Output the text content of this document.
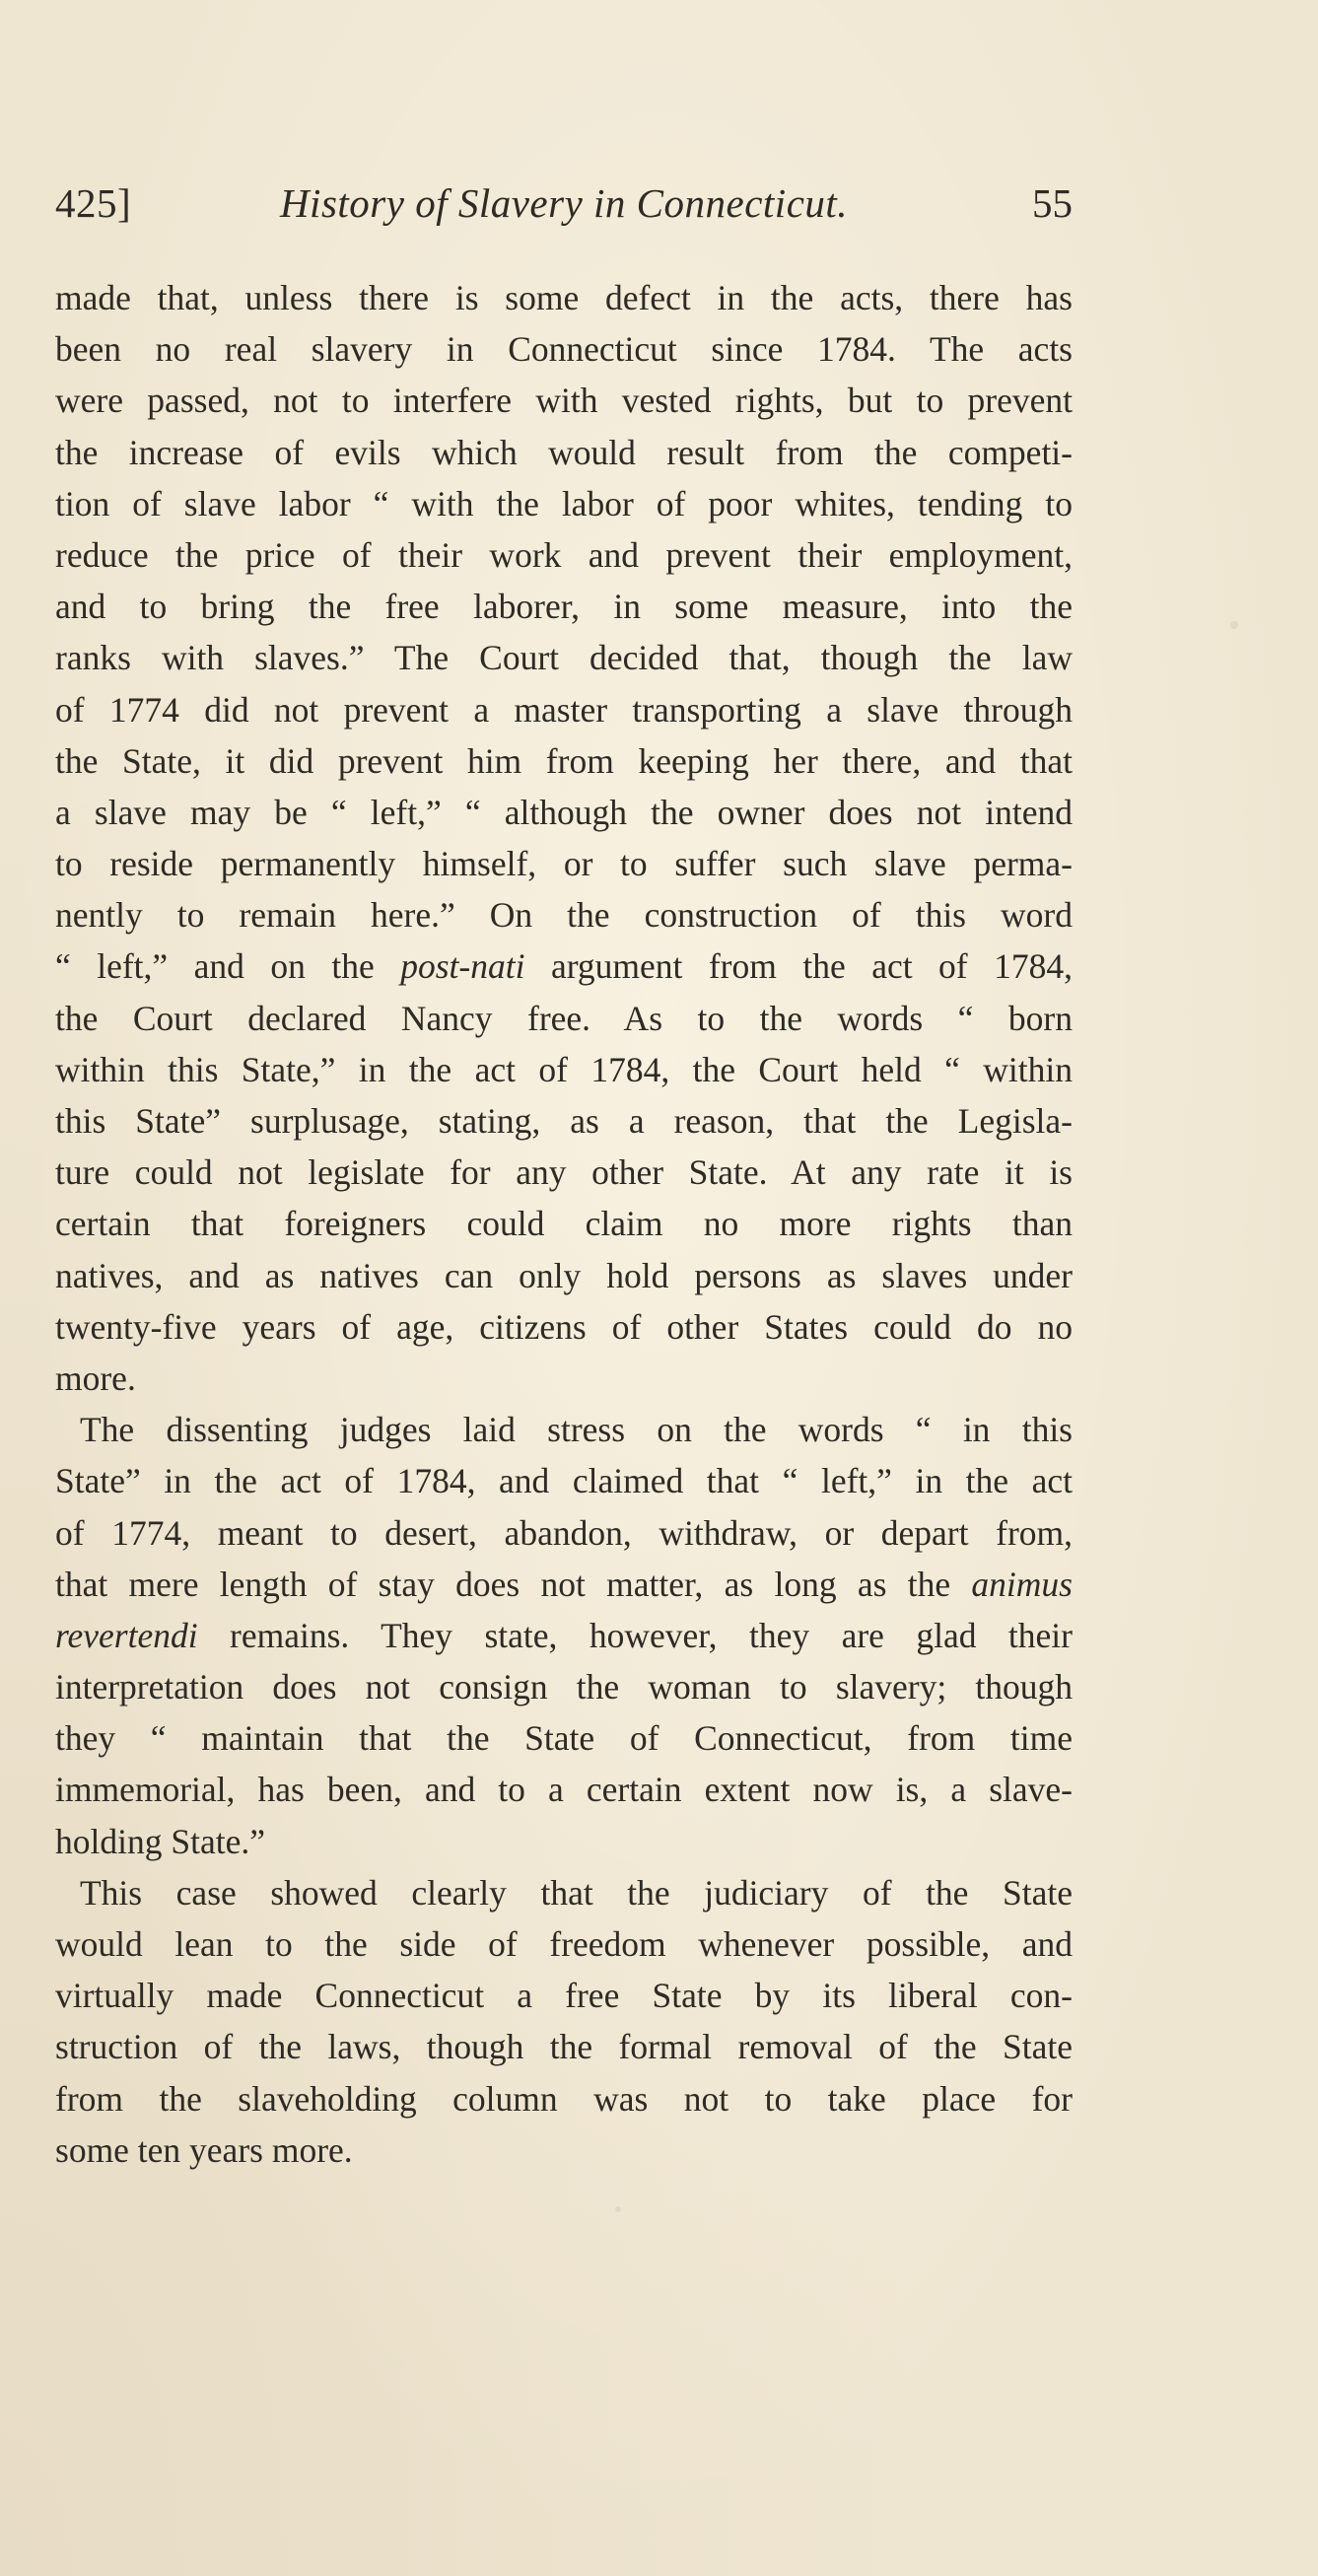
425]	History of Slavery in Connecticut.	55
made that, unless there is some defect in the acts, there has
been no real slavery in Connecticut since 1784. The acts
were passed, not to interfere with vested rights, but to prevent
the increase of evils which would result from the competi-
tion of slave labor “ with the labor of poor whites, tending to
reduce the price of their work and prevent their employment,
and to bring the free laborer, in some measure, into the
ranks with slaves.” The Court decided that, though the law
of 1774 did not prevent a master transporting a slave through
the State, it did prevent him from keeping her there, and that
a slave may be “ left,” “ although the owner does not intend
to reside permanently himself, or to suffer such slave perma-
nently to remain here.” On the construction of this word
“ left,” and on the post-nati argument from the act of 1784,
the Court declared Nancy free. As to the words “ born
within this State,” in the act of 1784, the Court held “ within
this State” surplusage, stating, as a reason, that the Legisla-
ture could not legislate for any other State. At any rate it is
certain that foreigners could claim no more rights than
natives, and as natives can only hold persons as slaves under
twenty-five years of age, citizens of other States could do no
more.
The dissenting judges laid stress on the words “ in this
State” in the act of 1784, and claimed that “ left,” in the act
of 1774, meant to desert, abandon, withdraw, or depart from,
that mere length of stay does not matter, as long as the animus
revertendi remains. They state, however, they are glad their
interpretation does not consign the woman to slavery; though
they “ maintain that the State of Connecticut, from time
immemorial, has been, and to a certain extent now is, a slave-
holding State.”
This case showed clearly that the judiciary of the State
would lean to the side of freedom whenever possible, and
virtually made Connecticut a free State by its liberal con-
struction of the laws, though the formal removal of the State
from the slaveholding column was not to take place for
some ten years more.
